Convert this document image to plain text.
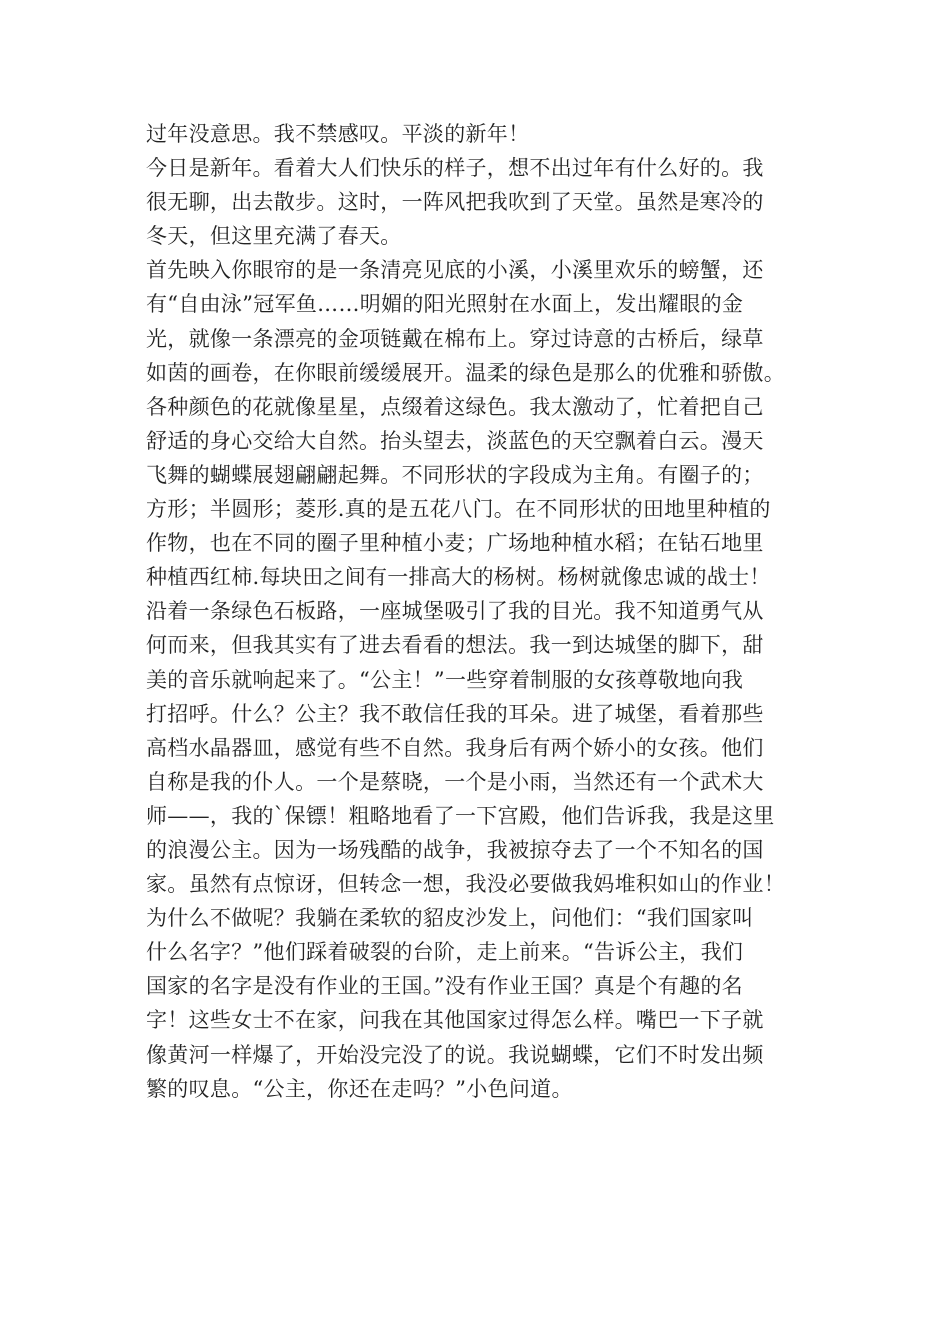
过年没意思。我不禁感叹。平淡的新年！
今日是新年。看着大人们快乐的样子，想不出过年有什么好的。我
很无聊，出去散步。这时，一阵风把我吹到了天堂。虽然是寒冷的
冬天，但这里充满了春天。
首先映入你眼帘的是一条清亮见底的小溪，小溪里欢乐的螃蟹，还
有“自由泳”冠军鱼……明媚的阳光照射在水面上，发出耀眼的金
光，就像一条漂亮的金项链戴在棉布上。穿过诗意的古桥后，绿草
如茵的画卷，在你眼前缓缓展开。温柔的绿色是那么的优雅和骄傲。
各种颜色的花就像星星，点缀着这绿色。我太激动了，忙着把自己
舒适的身心交给大自然。抬头望去，淡蓝色的天空飘着白云。漫天
飞舞的蝴蝶展翅翩翩起舞。不同形状的字段成为主角。有圈子的；
方形；半圆形；菱形.真的是五花八门。在不同形状的田地里种植的
作物，也在不同的圈子里种植小麦；广场地种植水稻；在钻石地里
种植西红柿.每块田之间有一排高大的杨树。杨树就像忠诚的战士！
沿着一条绿色石板路，一座城堡吸引了我的目光。我不知道勇气从
何而来，但我其实有了进去看看的想法。我一到达城堡的脚下，甜
美的音乐就响起来了。“公主！”一些穿着制服的女孩尊敬地向我
打招呼。什么？公主？我不敢信任我的耳朵。进了城堡，看着那些
高档水晶器皿，感觉有些不自然。我身后有两个娇小的女孩。他们
自称是我的仆人。一个是蔡晓，一个是小雨，当然还有一个武术大
师——，我的`保镖！粗略地看了一下宫殿，他们告诉我，我是这里
的浪漫公主。因为一场残酷的战争，我被掠夺去了一个不知名的国
家。虽然有点惊讶，但转念一想，我没必要做我妈堆积如山的作业！
为什么不做呢？我躺在柔软的貂皮沙发上，问他们：“我们国家叫
什么名字？”他们踩着破裂的台阶，走上前来。“告诉公主，我们
国家的名字是没有作业的王国。”没有作业王国？真是个有趣的名
字！这些女士不在家，问我在其他国家过得怎么样。嘴巴一下子就
像黄河一样爆了，开始没完没了的说。我说蝴蝶，它们不时发出频
繁的叹息。“公主，你还在走吗？”小色问道。
